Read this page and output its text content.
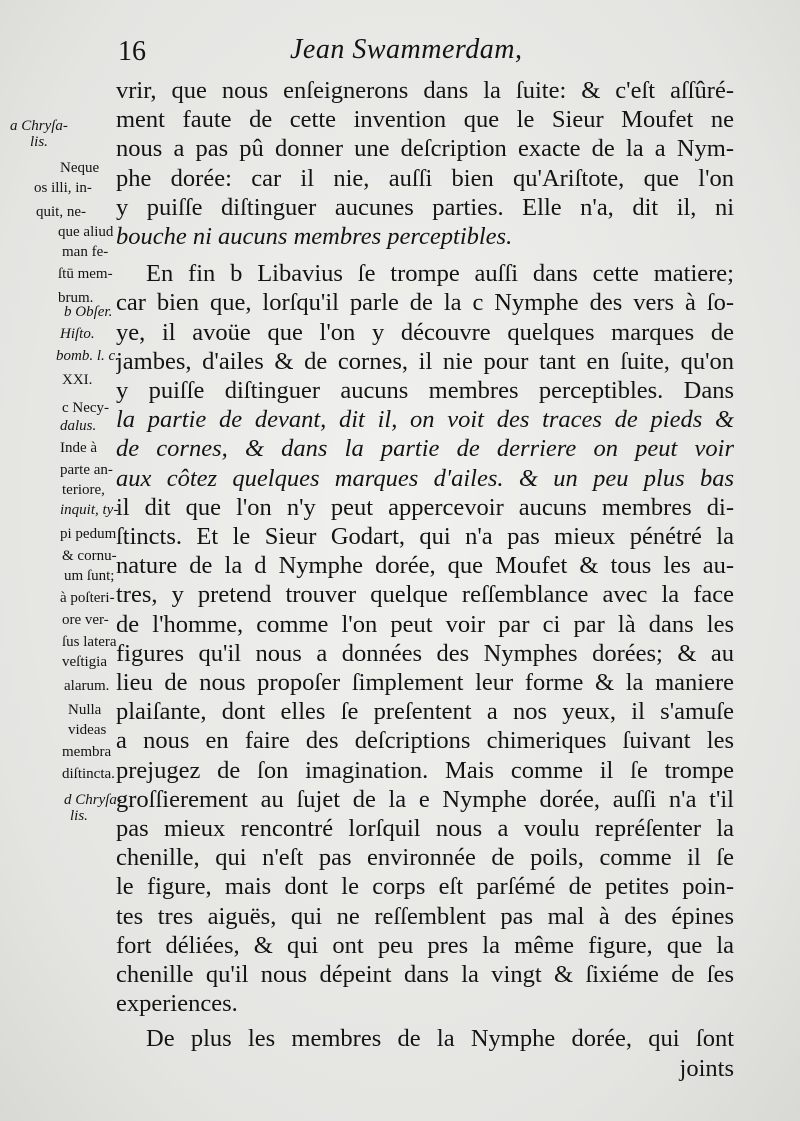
16	Jean Swammerdam,
a Chryſa-
lis.
Neque
os illi, in-
quit, ne-
que aliud
man fe-
ſtū mem-
brum.
b Obſer.
Hiſto.
bomb. l. c.
XXI.
c Necy-
dalus.
Inde à
parte an-
teriore,
inquit, ty-
pi pedum
& cornu-
um ſunt;
à poſteri-
ore ver-
ſus latera
veſtigia
alarum.
Nulla
videas
membra
diſtincta.
d Chryſa-
lis.
vrir, que nous enſeignerons dans la ſuite: & c'eſt aſſûré-
ment faute de cette invention que le Sieur Moufet ne
nous a pas pû donner une deſcription exacte de la a Nym-
phe dorée: car il nie, auſſi bien qu'Ariſtote, que l'on
y puiſſe diſtinguer aucunes parties. Elle n'a, dit il, ni
bouche ni aucuns membres perceptibles.
En fin b Libavius ſe trompe auſſi dans cette matiere;
car bien que, lorſqu'il parle de la c Nymphe des vers à ſo-
ye, il avoüe que l'on y découvre quelques marques de
jambes, d'ailes & de cornes, il nie pour tant en ſuite, qu'on
y puiſſe diſtinguer aucuns membres perceptibles. Dans
la partie de devant, dit il, on voit des traces de pieds &
de cornes, & dans la partie de derriere on peut voir
aux côtez quelques marques d'ailes. & un peu plus bas
il dit que l'on n'y peut appercevoir aucuns membres di-
ſtincts. Et le Sieur Godart, qui n'a pas mieux pénétré la
nature de la d Nymphe dorée, que Moufet & tous les au-
tres, y pretend trouver quelque reſſemblance avec la face
de l'homme, comme l'on peut voir par ci par là dans les
figures qu'il nous a données des Nymphes dorées; & au
lieu de nous propoſer ſimplement leur forme & la maniere
plaiſante, dont elles ſe preſentent a nos yeux, il s'amuſe
a nous en faire des deſcriptions chimeriques ſuivant les
prejugez de ſon imagination. Mais comme il ſe trompe
groſſierement au ſujet de la e Nymphe dorée, auſſi n'a t'il
pas mieux rencontré lorſquil nous a voulu repréſenter la
chenille, qui n'eſt pas environnée de poils, comme il ſe
le figure, mais dont le corps eſt parſémé de petites poin-
tes tres aiguës, qui ne reſſemblent pas mal à des épines
fort déliées, & qui ont peu pres la même figure, que la
chenille qu'il nous dépeint dans la vingt & ſixiéme de ſes
experiences.
De plus les membres de la Nymphe dorée, qui ſont
joints
